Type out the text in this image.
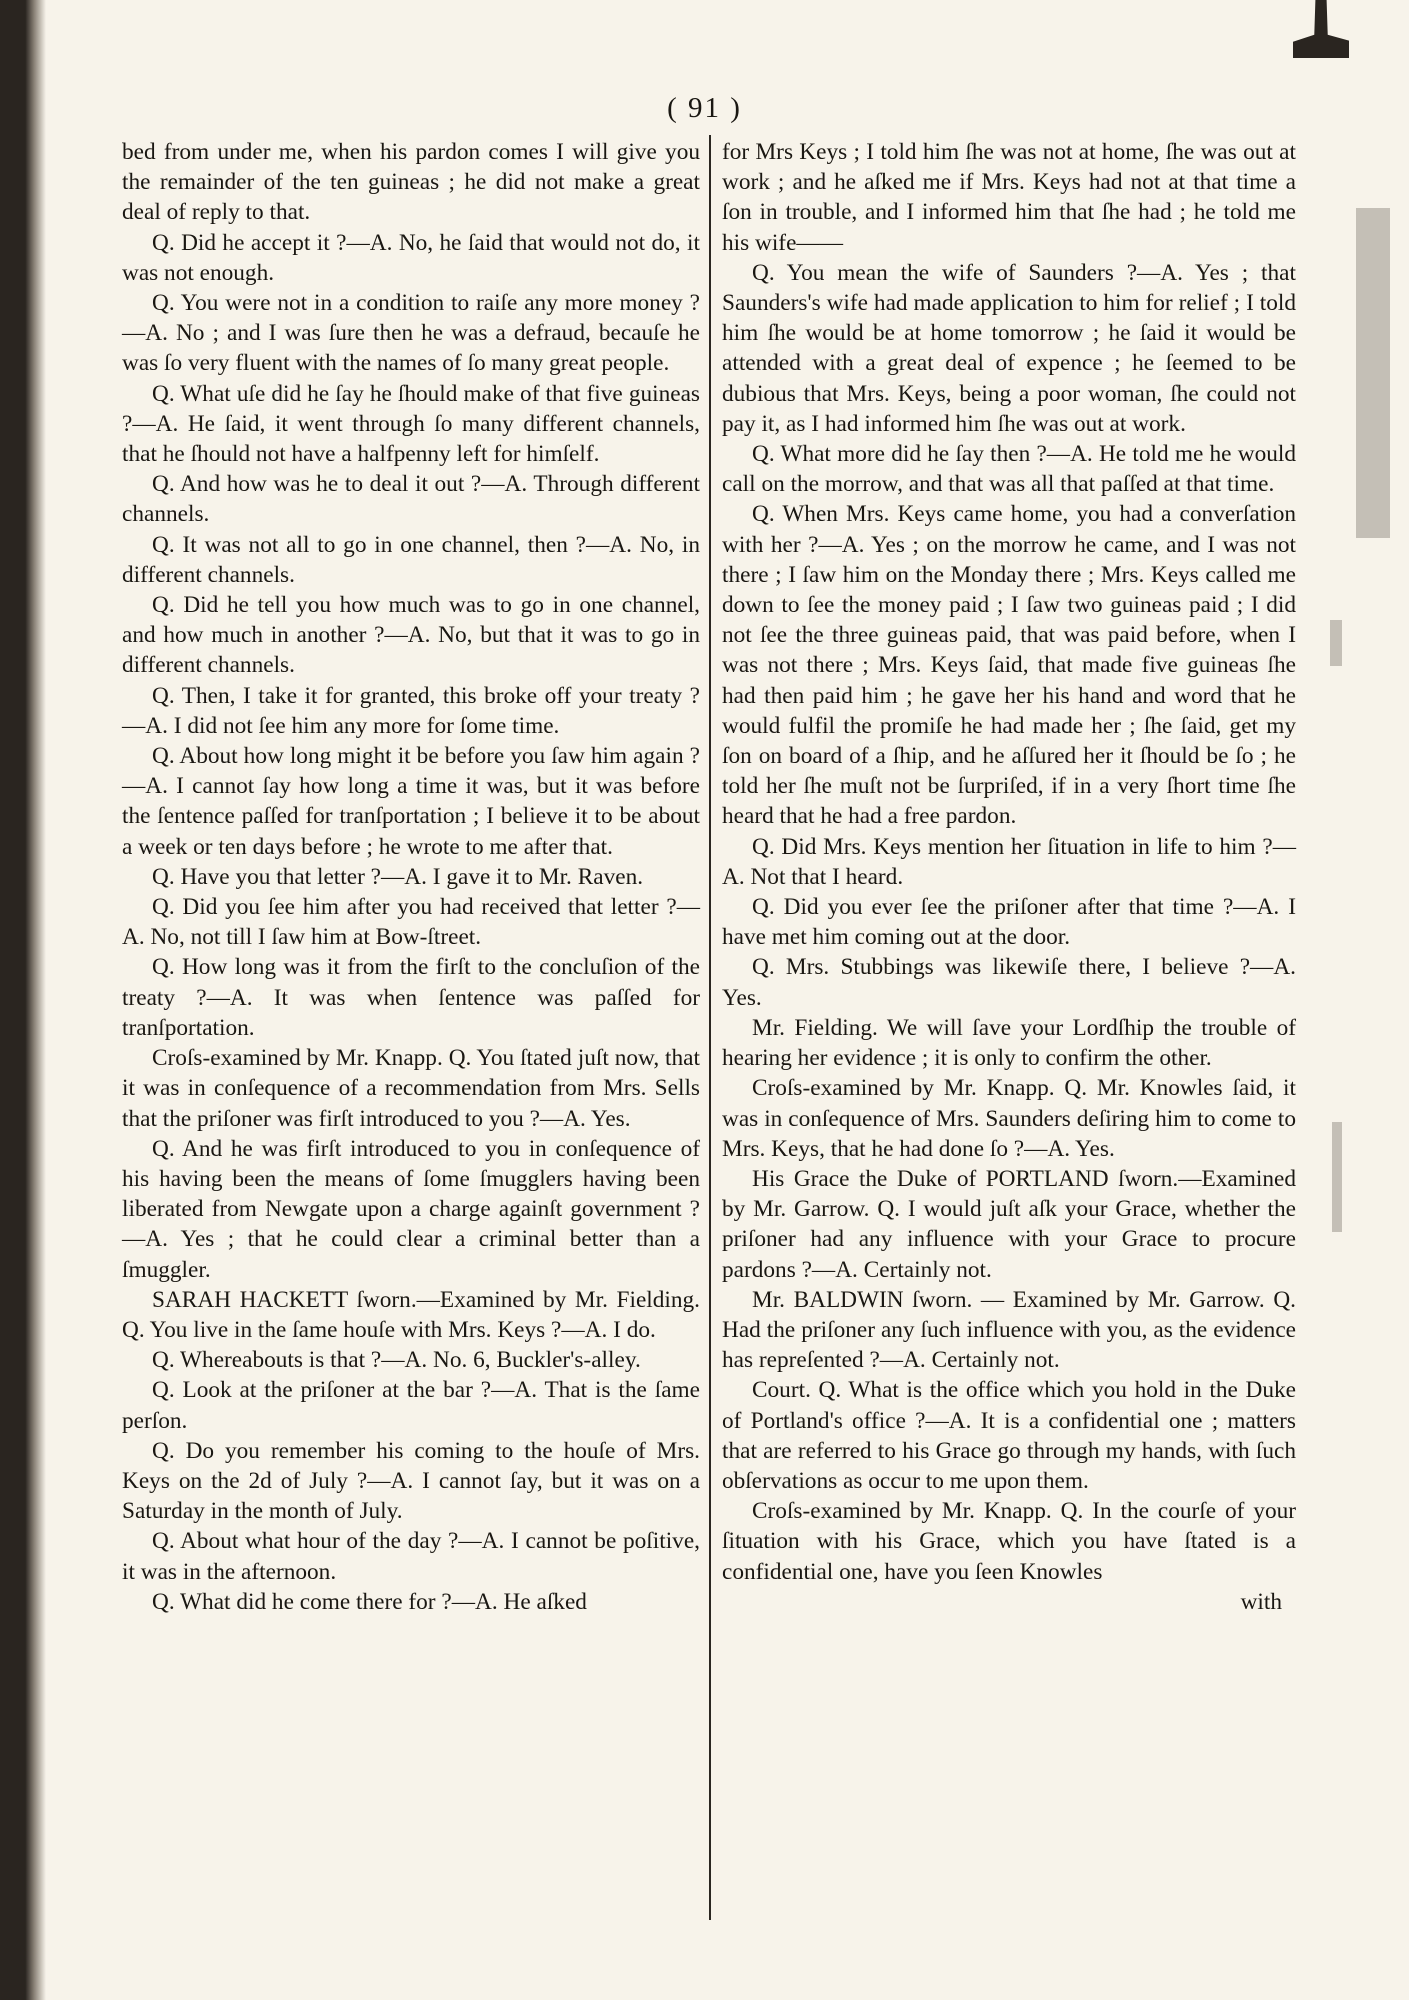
( 91 )

bed from under me, when his pardon comes I will give you the remainder of the ten guineas ; he did not make a great deal of reply to that.

Q. Did he accept it ?—A. No, he ſaid that would not do, it was not enough.

Q. You were not in a condition to raiſe any more money ?—A. No ; and I was ſure then he was a defraud, becauſe he was ſo very fluent with the names of ſo many great people.

Q. What uſe did he ſay he ſhould make of that five guineas ?—A. He ſaid, it went through ſo many different channels, that he ſhould not have a halfpenny left for himſelf.

Q. And how was he to deal it out ?—A. Through different channels.

Q. It was not all to go in one channel, then ?—A. No, in different channels.

Q. Did he tell you how much was to go in one channel, and how much in another ?—A. No, but that it was to go in different channels.

Q. Then, I take it for granted, this broke off your treaty ?—A. I did not ſee him any more for ſome time.

Q. About how long might it be before you ſaw him again ?—A. I cannot ſay how long a time it was, but it was before the ſentence paſſed for tranſportation ; I believe it to be about a week or ten days before ; he wrote to me after that.

Q. Have you that letter ?—A. I gave it to Mr. Raven.

Q. Did you ſee him after you had received that letter ?—A. No, not till I ſaw him at Bow-ſtreet.

Q. How long was it from the firſt to the concluſion of the treaty ?—A. It was when ſentence was paſſed for tranſportation.

Croſs-examined by Mr. Knapp. Q. You ſtated juſt now, that it was in conſequence of a recommendation from Mrs. Sells that the priſoner was firſt introduced to you ?—A. Yes.

Q. And he was firſt introduced to you in conſequence of his having been the means of ſome ſmugglers having been liberated from Newgate upon a charge againſt government ?—A. Yes ; that he could clear a criminal better than a ſmuggler.

SARAH HACKETT ſworn.—Examined by Mr. Fielding. Q. You live in the ſame houſe with Mrs. Keys ?—A. I do.

Q. Whereabouts is that ?—A. No. 6, Buckler's-alley.

Q. Look at the priſoner at the bar ?—A. That is the ſame perſon.

Q. Do you remember his coming to the houſe of Mrs. Keys on the 2d of July ?—A. I cannot ſay, but it was on a Saturday in the month of July.

Q. About what hour of the day ?—A. I cannot be poſitive, it was in the afternoon.

Q. What did he come there for ?—A. He aſked

for Mrs Keys ; I told him ſhe was not at home, ſhe was out at work ; and he aſked me if Mrs. Keys had not at that time a ſon in trouble, and I informed him that ſhe had ; he told me his wife——

Q. You mean the wife of Saunders ?—A. Yes ; that Saunders's wife had made application to him for relief ; I told him ſhe would be at home tomorrow ; he ſaid it would be attended with a great deal of expence ; he ſeemed to be dubious that Mrs. Keys, being a poor woman, ſhe could not pay it, as I had informed him ſhe was out at work.

Q. What more did he ſay then ?—A. He told me he would call on the morrow, and that was all that paſſed at that time.

Q. When Mrs. Keys came home, you had a converſation with her ?—A. Yes ; on the morrow he came, and I was not there ; I ſaw him on the Monday there ; Mrs. Keys called me down to ſee the money paid ; I ſaw two guineas paid ; I did not ſee the three guineas paid, that was paid before, when I was not there ; Mrs. Keys ſaid, that made five guineas ſhe had then paid him ; he gave her his hand and word that he would fulfil the promiſe he had made her ; ſhe ſaid, get my ſon on board of a ſhip, and he aſſured her it ſhould be ſo ; he told her ſhe muſt not be ſurpriſed, if in a very ſhort time ſhe heard that he had a free pardon.

Q. Did Mrs. Keys mention her ſituation in life to him ?—A. Not that I heard.

Q. Did you ever ſee the priſoner after that time ?—A. I have met him coming out at the door.

Q. Mrs. Stubbings was likewiſe there, I believe ?—A. Yes.

Mr. Fielding. We will ſave your Lordſhip the trouble of hearing her evidence ; it is only to confirm the other.

Croſs-examined by Mr. Knapp. Q. Mr. Knowles ſaid, it was in conſequence of Mrs. Saunders deſiring him to come to Mrs. Keys, that he had done ſo ?—A. Yes.

His Grace the Duke of PORTLAND ſworn.—Examined by Mr. Garrow. Q. I would juſt aſk your Grace, whether the priſoner had any influence with your Grace to procure pardons ?—A. Certainly not.

Mr. BALDWIN ſworn. — Examined by Mr. Garrow. Q. Had the priſoner any ſuch influence with you, as the evidence has repreſented ?—A. Certainly not.

Court. Q. What is the office which you hold in the Duke of Portland's office ?—A. It is a confidential one ; matters that are referred to his Grace go through my hands, with ſuch obſervations as occur to me upon them.

Croſs-examined by Mr. Knapp. Q. In the courſe of your ſituation with his Grace, which you have ſtated is a confidential one, have you ſeen Knowles

with
